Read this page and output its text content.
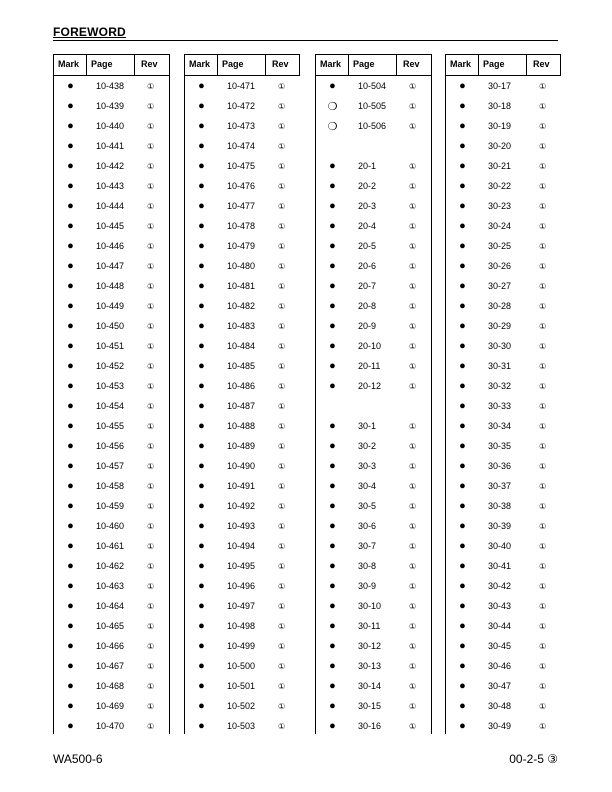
FOREWORD
Mark	Page	Rev
●	10-438	①
●	10-439	①
●	10-440	①
●	10-441	①
●	10-442	①
●	10-443	①
●	10-444	①
●	10-445	①
●	10-446	①
●	10-447	①
●	10-448	①
●	10-449	①
●	10-450	①
●	10-451	①
●	10-452	①
●	10-453	①
●	10-454	①
●	10-455	①
●	10-456	①
●	10-457	①
●	10-458	①
●	10-459	①
●	10-460	①
●	10-461	①
●	10-462	①
●	10-463	①
●	10-464	①
●	10-465	①
●	10-466	①
●	10-467	①
●	10-468	①
●	10-469	①
●	10-470	①
Mark	Page	Rev
●	10-471	①
●	10-472	①
●	10-473	①
●	10-474	①
●	10-475	①
●	10-476	①
●	10-477	①
●	10-478	①
●	10-479	①
●	10-480	①
●	10-481	①
●	10-482	①
●	10-483	①
●	10-484	①
●	10-485	①
●	10-486	①
●	10-487	①
●	10-488	①
●	10-489	①
●	10-490	①
●	10-491	①
●	10-492	①
●	10-493	①
●	10-494	①
●	10-495	①
●	10-496	①
●	10-497	①
●	10-498	①
●	10-499	①
●	10-500	①
●	10-501	①
●	10-502	①
●	10-503	①
Mark	Page	Rev
●	10-504	①
❍	10-505	①
❍	10-506	①
●	20-1	①
●	20-2	①
●	20-3	①
●	20-4	①
●	20-5	①
●	20-6	①
●	20-7	①
●	20-8	①
●	20-9	①
●	20-10	①
●	20-11	①
●	20-12	①
●	30-1	①
●	30-2	①
●	30-3	①
●	30-4	①
●	30-5	①
●	30-6	①
●	30-7	①
●	30-8	①
●	30-9	①
●	30-10	①
●	30-11	①
●	30-12	①
●	30-13	①
●	30-14	①
●	30-15	①
●	30-16	①
Mark	Page	Rev
●	30-17	①
●	30-18	①
●	30-19	①
●	30-20	①
●	30-21	①
●	30-22	①
●	30-23	①
●	30-24	①
●	30-25	①
●	30-26	①
●	30-27	①
●	30-28	①
●	30-29	①
●	30-30	①
●	30-31	①
●	30-32	①
●	30-33	①
●	30-34	①
●	30-35	①
●	30-36	①
●	30-37	①
●	30-38	①
●	30-39	①
●	30-40	①
●	30-41	①
●	30-42	①
●	30-43	①
●	30-44	①
●	30-45	①
●	30-46	①
●	30-47	①
●	30-48	①
●	30-49	①
WA500-6	00-2-5 ③
